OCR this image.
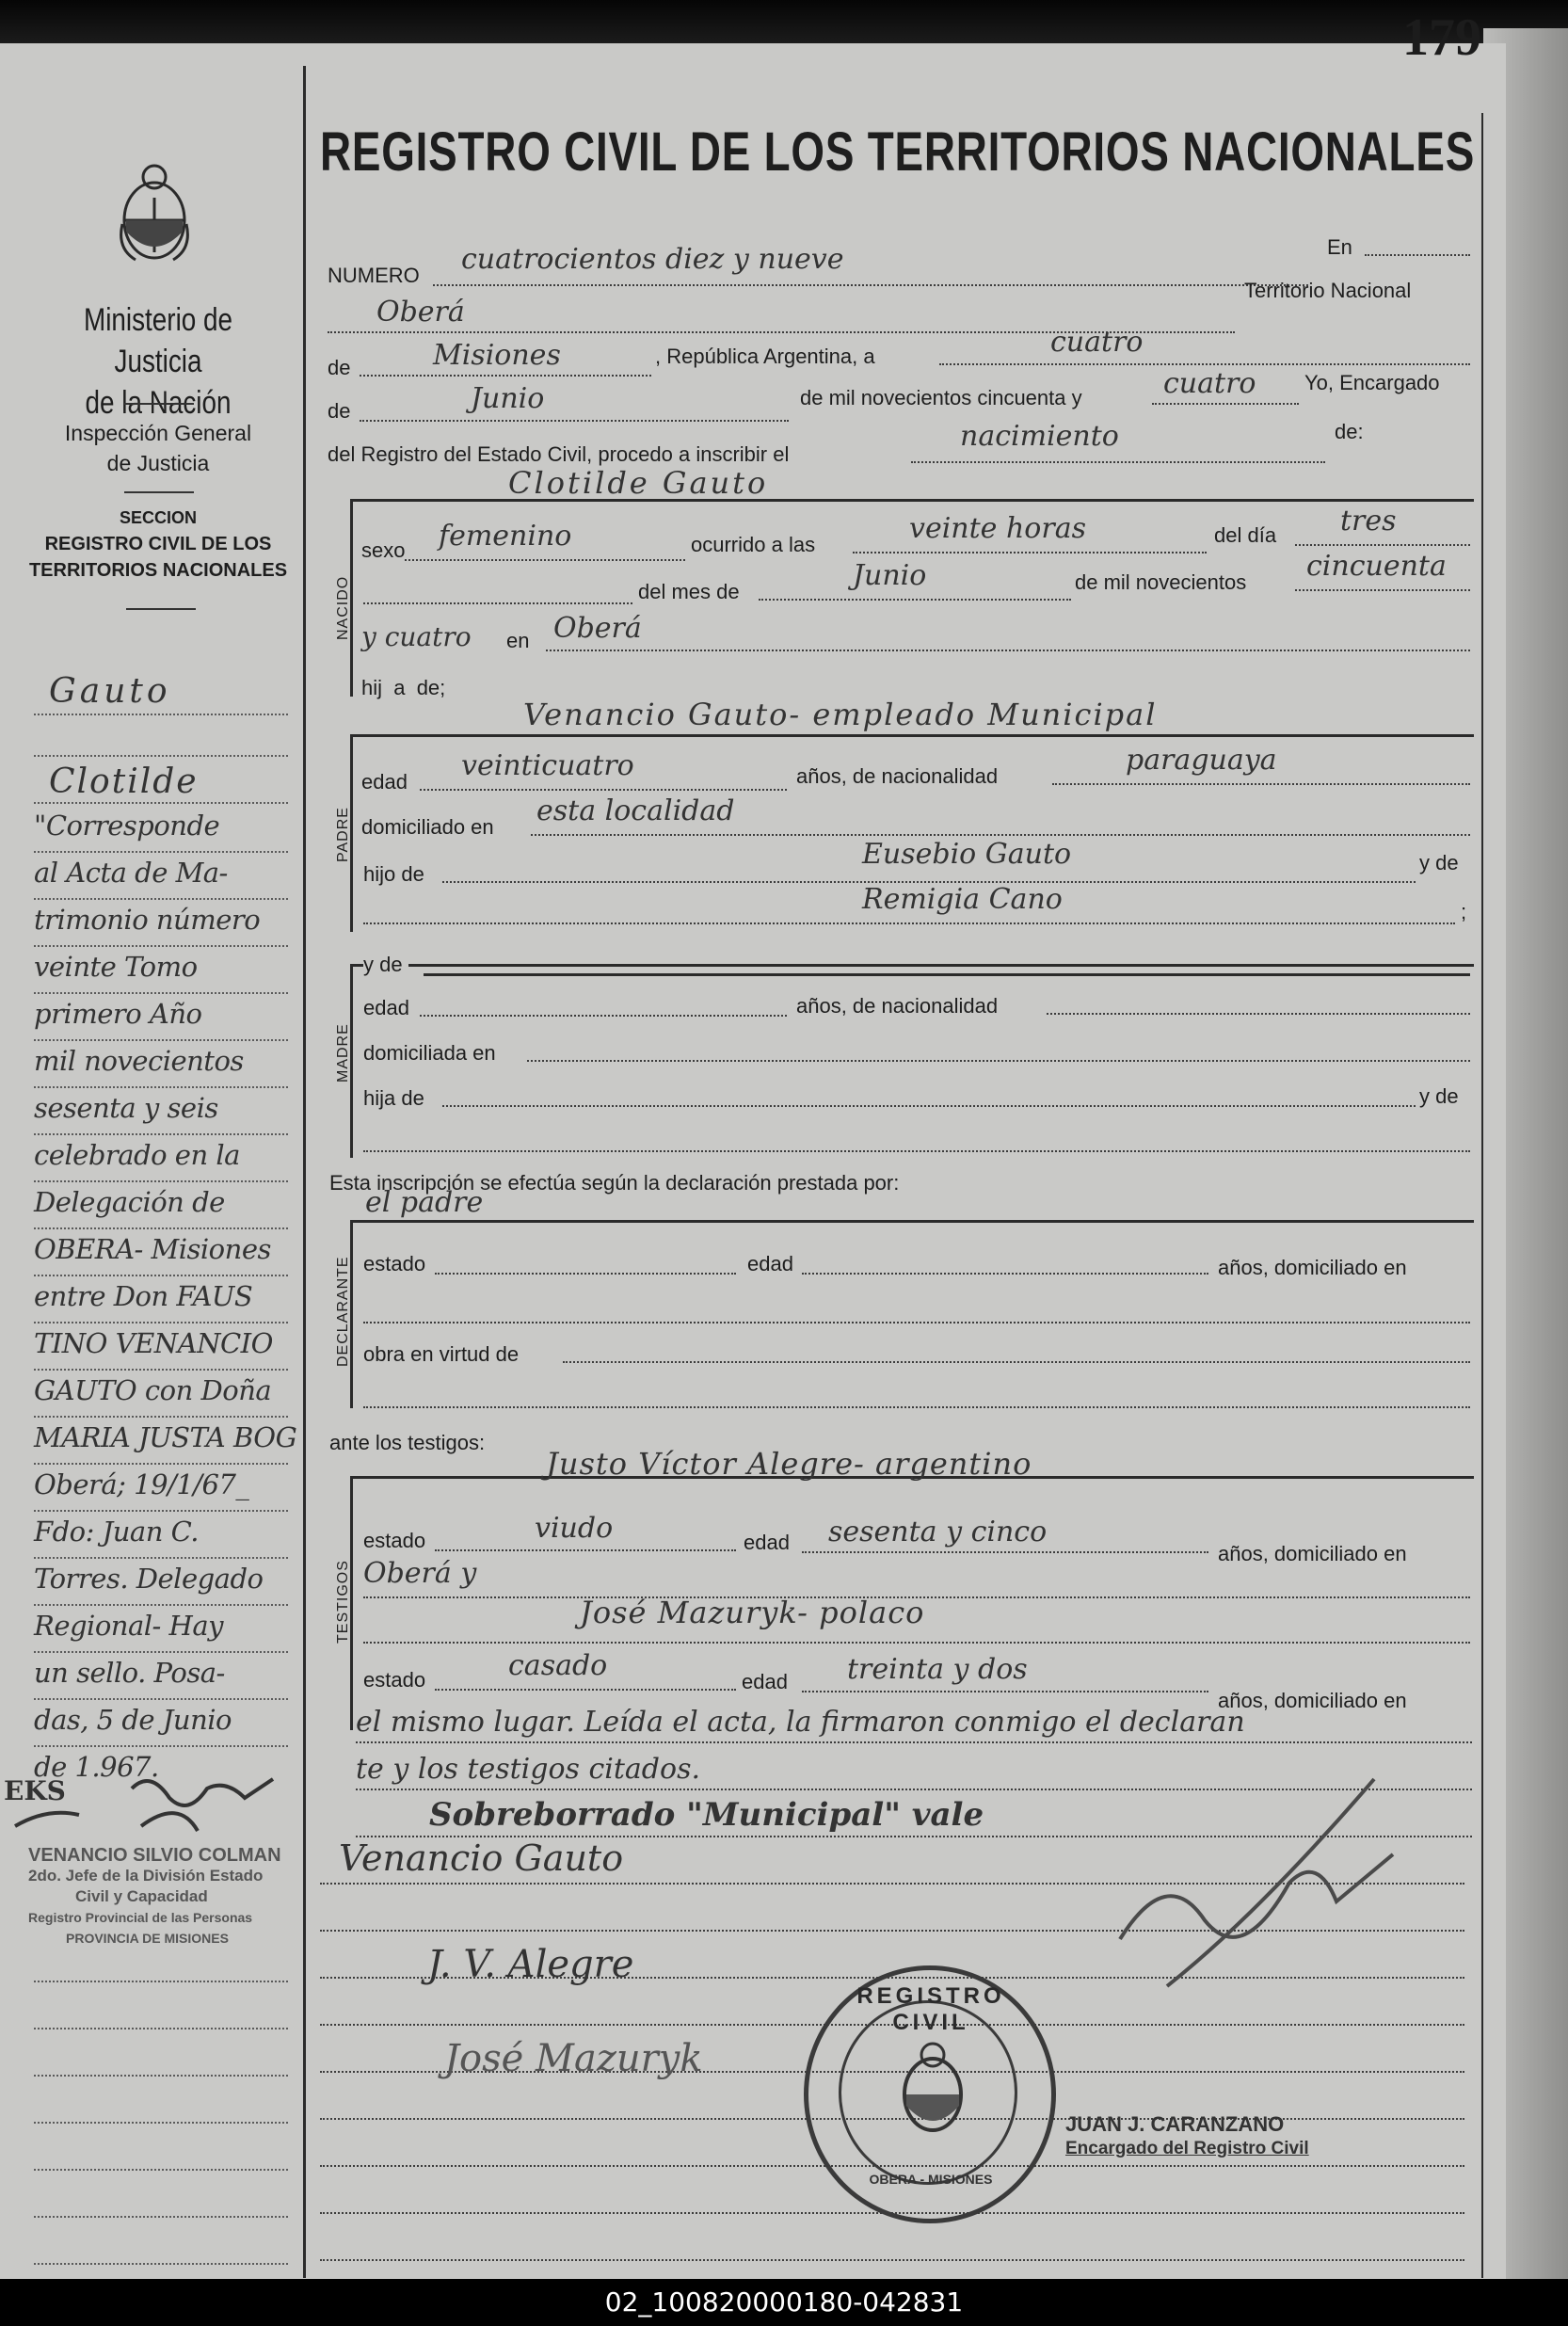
179
Ministerio de Justicia
de la Nación
Inspección General
de Justicia
SECCION
REGISTRO CIVIL DE LOS
TERRITORIOS NACIONALES
Gauto
Clotilde
"Corresponde
al Acta de Ma-
trimonio número
veinte Tomo
primero Año
mil novecientos
sesenta y seis
celebrado en la
Delegación de
OBERA- Misiones
entre Don FAUS
TINO VENANCIO
GAUTO con Doña
MARIA JUSTA BOG
Oberá; 19/1/67_
Fdo: Juan C.
Torres. Delegado
Regional- Hay
un sello. Posa-
das, 5 de Junio
de 1.967.
EKS
VENANCIO SILVIO COLMAN
2do. Jefe de la División Estado
Civil y Capacidad
Registro Provincial de las Personas
PROVINCIA DE MISIONES
REGISTRO CIVIL DE LOS TERRITORIOS NACIONALES
NUMERO cuatrocientos diez y nueve	En
Oberá
Territorio Nacional
de	Misiones	, República Argentina, a	cuatro
de	Junio	de mil novecientos cincuenta y	cuatro Yo, Encargado
del Registro del Estado Civil, procedo a inscribir el
nacimiento	de:
NACIDO
Clotilde Gauto
sexo femenino	ocurrido a las	veinte horas	del día tres
del mes de	Junio	de mil novecientos cincuenta
y cuatro en Oberá
hij  a  de;
PADRE
Venancio Gauto- empleado Municipal
edad veinticuatro	años, de nacionalidad	paraguaya
domiciliado en esta localidad
hijo de
Eusebio Gauto	y de
Remigia Cano	;
MADRE
y de
edad	años, de nacionalidad
domiciliada en
hija de	y de
Esta inscripción se efectúa según la declaración prestada por:
DECLARANTE
el padre
estado	edad	años, domiciliado en
obra en virtud de
ante los testigos:
TESTIGOS
Justo Víctor Alegre- argentino
estado	viudo	edad sesenta y cinco
años, domiciliado en
Oberá y
José Mazuryk- polaco
estado	casado	edad treinta y dos
años, domiciliado en
el mismo lugar. Leída el acta, la firmaron conmigo el declaran
te y los testigos citados.
Sobreborrado "Municipal" vale
Venancio Gauto
J. V. Alegre
José Mazuryk
REGISTRO CIVIL
OBERA - MISIONES
JUAN J. CARANZANO
Encargado del Registro Civil
02_100820000180-042831
